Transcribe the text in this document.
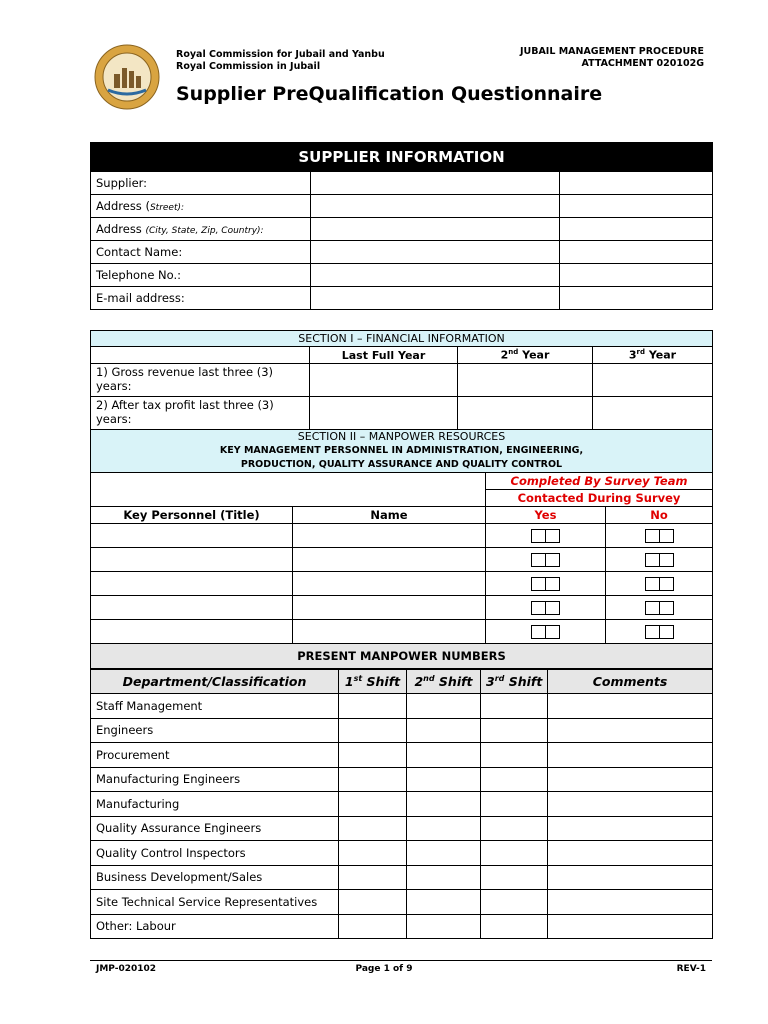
Royal Commission for Jubail and Yanbu
Royal Commission in Jubail
JUBAIL MANAGEMENT PROCEDURE
ATTACHMENT 020102G
Supplier PreQualification Questionnaire
SUPPLIER INFORMATION		
Supplier:		
Address (Street):		
Address (City, State, Zip, Country):		
Contact Name:		
Telephone No.:		
E-mail address:		
SECTION I – FINANCIAL INFORMATION						
		Last Full Year	2nd Year		3rd Year	
1) Gross revenue last three (3) years:						
2) After tax profit last three (3) years:						

SECTION II – MANPOWER RESOURCES
KEY MANAGEMENT PERSONNEL IN ADMINISTRATION, ENGINEERING,
PRODUCTION, QUALITY ASSURANCE AND QUALITY CONTROL						

				Completed By Survey Team		
				Contacted During Survey		
Key Personnel (Title)	Name			Yes		No

PRESENT MANPOWER NUMBERS						
Department/Classification	1st Shift	2nd Shift	3rd Shift	Comments
Staff Management				
Engineers				
Procurement				
Manufacturing Engineers				
Manufacturing				
Quality Assurance Engineers				
Quality Control Inspectors				
Business Development/Sales				
Site Technical Service Representatives				
Other: Labour				
JMP-020102	Page 1 of 9	REV-1
